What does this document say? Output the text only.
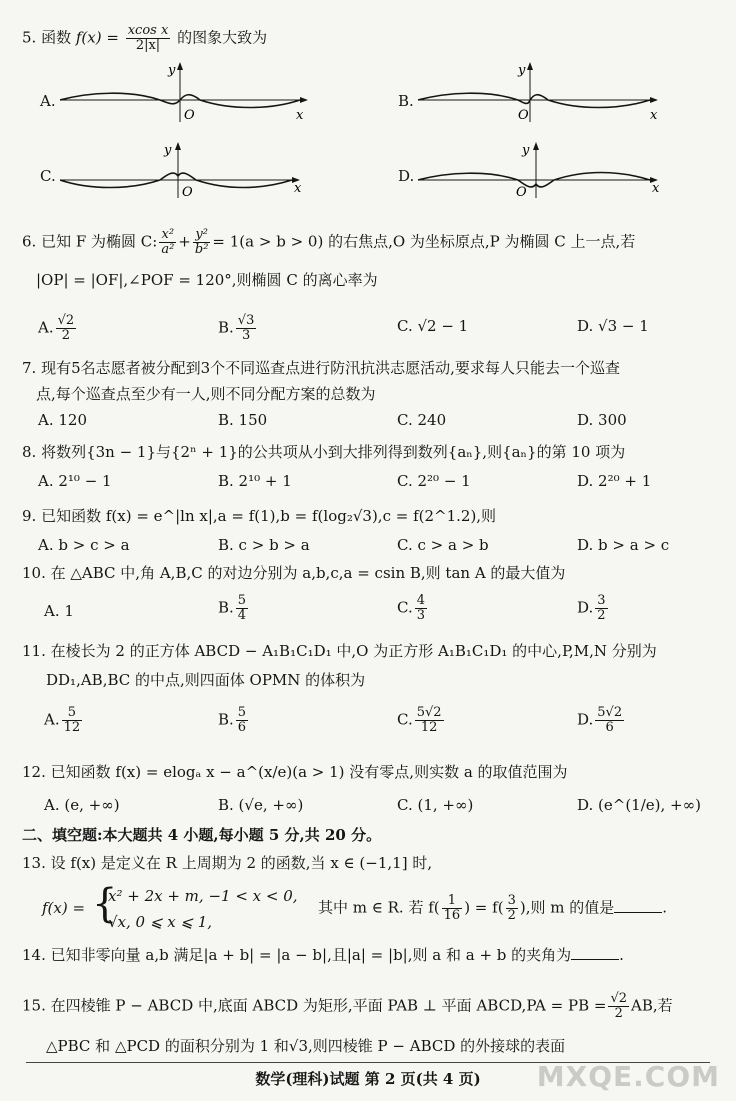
5. 函数 $f(x) = \frac{\text{xcos x}}{2|x|}$ 的图象大致为
A.
y
O	x
B.
y
O	x
C.
y
O	x
D.
y
O	x
6. 已知 F 为椭圆 C: $\frac{\text{x²}}{\text{a²}} + \frac{\text{y²}}{\text{b²}} = 1(a > b > 0)$ 的右焦点,O 为坐标原点,P 为椭圆 C 上一点,若
|OP| = |OF|,∠POF = 120°,则椭圆 C 的离心率为
A. $\frac{√2}{2}$	B. $\frac{√3}{3}$	C. √2 − 1	D. √3 − 1
7. 现有5名志愿者被分配到3个不同巡查点进行防汛抗洪志愿活动,要求每人只能去一个巡查
点,每个巡查点至少有一人,则不同分配方案的总数为
A. 120	B. 150	C. 240	D. 300
8. 将数列{3n − 1}与{2ⁿ + 1}的公共项从小到大排列得到数列{aₙ},则{aₙ}的第 10 项为
A. 2¹⁰ − 1	B. 2¹⁰ + 1	C. 2²⁰ − 1	D. 2²⁰ + 1
9. 已知函数 f(x) = e^|ln x|,a = f(1),b = f(log₂√3),c = f(2^1.2),则
A. b > c > a	B. c > b > a	C. c > a > b	D. b > a > c
10. 在 △ABC 中,角 A,B,C 的对边分别为 a,b,c,a = csin B,则 tan A 的最大值为
A. 1	B. $\frac{5}{4}$	C. $\frac{4}{3}$	D. $\frac{3}{2}$
11. 在棱长为 2 的正方体 ABCD − A₁B₁C₁D₁ 中,O 为正方形 A₁B₁C₁D₁ 的中心,P,M,N 分别为
DD₁,AB,BC 的中点,则四面体 OPMN 的体积为
A. $\frac{5}{12}$	B. $\frac{5}{6}$	C. $\frac{5√2}{12}$	D. $\frac{5√2}{6}$
12. 已知函数 f(x) = elogₐ x − a^(x/e)(a > 1) 没有零点,则实数 a 的取值范围为
A. (e, +∞)	B. (√e, +∞)	C. (1, +∞)	D. (e^(1/e), +∞)
二、填空题:本大题共 4 小题,每小题 5 分,共 20 分。
13. 设 f(x) 是定义在 R 上周期为 2 的函数,当 x ∈ (−1,1] 时,
f(x) = {
x² + 2x + m, −1 < x < 0,
√x, 0 ⩽ x ⩽ 1,
其中 m ∈ R. 若 $f( \frac{1}{16}$ ) = $f( \frac{3}{2}$ ),则 m 的值是	.
14. 已知非零向量 a,b 满足|a + b| = |a − b|,且|a| = |b|,则 a 和 a + b 的夹角为	.
15. 在四棱锥 P − ABCD 中,底面 ABCD 为矩形,平面 PAB ⊥ 平面 ABCD,PA = PB = $\frac{√2}{2}$ AB,若
△PBC 和 △PCD 的面积分别为 1 和√3,则四棱锥 P − ABCD 的外接球的表面
数学(理科)试题 第 2 页(共 4 页)	MXQE.COM
